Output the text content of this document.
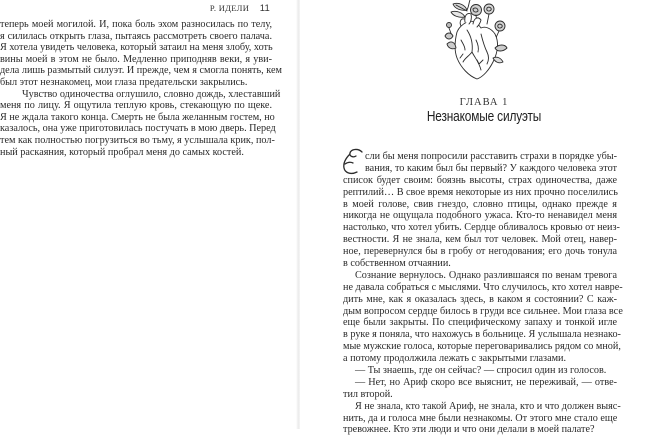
Р. ИДЕЛИ 11
теперь моей могилой. И, пока боль эхом разносилась по телу,
я силилась открыть глаза, пытаясь рассмотреть своего палача.
Я хотела увидеть человека, который затаил на меня злобу, хоть
вины моей в этом не было. Медленно приподняв веки, я уви-
дела лишь размытый силуэт. И прежде, чем я смогла понять, кем
был этот незнакомец, мои глаза предательски закрылись.
Чувство одиночества оглушило, словно дождь, хлеставший
меня по лицу. Я ощутила теплую кровь, стекающую по щеке.
Я не ждала такого конца. Смерть не была желанным гостем, но
казалось, она уже приготовилась постучать в мою дверь. Перед
тем как полностью погрузиться во тьму, я услышала крик, пол-
ный раскаяния, который пробрал меня до самых костей.
ГЛАВА 1
Незнакомые силуэты
сли бы меня попросили расставить страхи в порядке убы-
вания, то каким был бы первый? У каждого человека этот
список будет своим: боязнь высоты, страх одиночества, даже
рептилий… В свое время некоторые из них прочно поселились
в моей голове, свив гнездо, словно птицы, однако прежде я
никогда не ощущала подобного ужаса. Кто-то ненавидел меня
настолько, что хотел убить. Сердце обливалось кровью от неиз-
вестности. Я не знала, кем был тот человек. Мой отец, навер-
ное, перевернулся бы в гробу от негодования; его дочь тонула
в собственном отчаянии.
Сознание вернулось. Однако разлившаяся по венам тревога
не давала собраться с мыслями. Что случилось, кто хотел навре-
дить мне, как я оказалась здесь, в каком я состоянии? С каж-
дым вопросом сердце билось в груди все сильнее. Мои глаза все
еще были закрыты. По специфическому запаху и тонкой игле
в руке я поняла, что нахожусь в больнице. Я услышала незнако-
мые мужские голоса, которые переговаривались рядом со мной,
а потому продолжила лежать с закрытыми глазами.
— Ты знаешь, где он сейчас? — спросил один из голосов.
— Нет, но Ариф скоро все выяснит, не переживай, — отве-
тил второй.
Я не знала, кто такой Ариф, не знала, кто и что должен выяс-
нить, да и голоса мне были незнакомы. От этого мне стало еще
тревожнее. Кто эти люди и что они делали в моей палате?
